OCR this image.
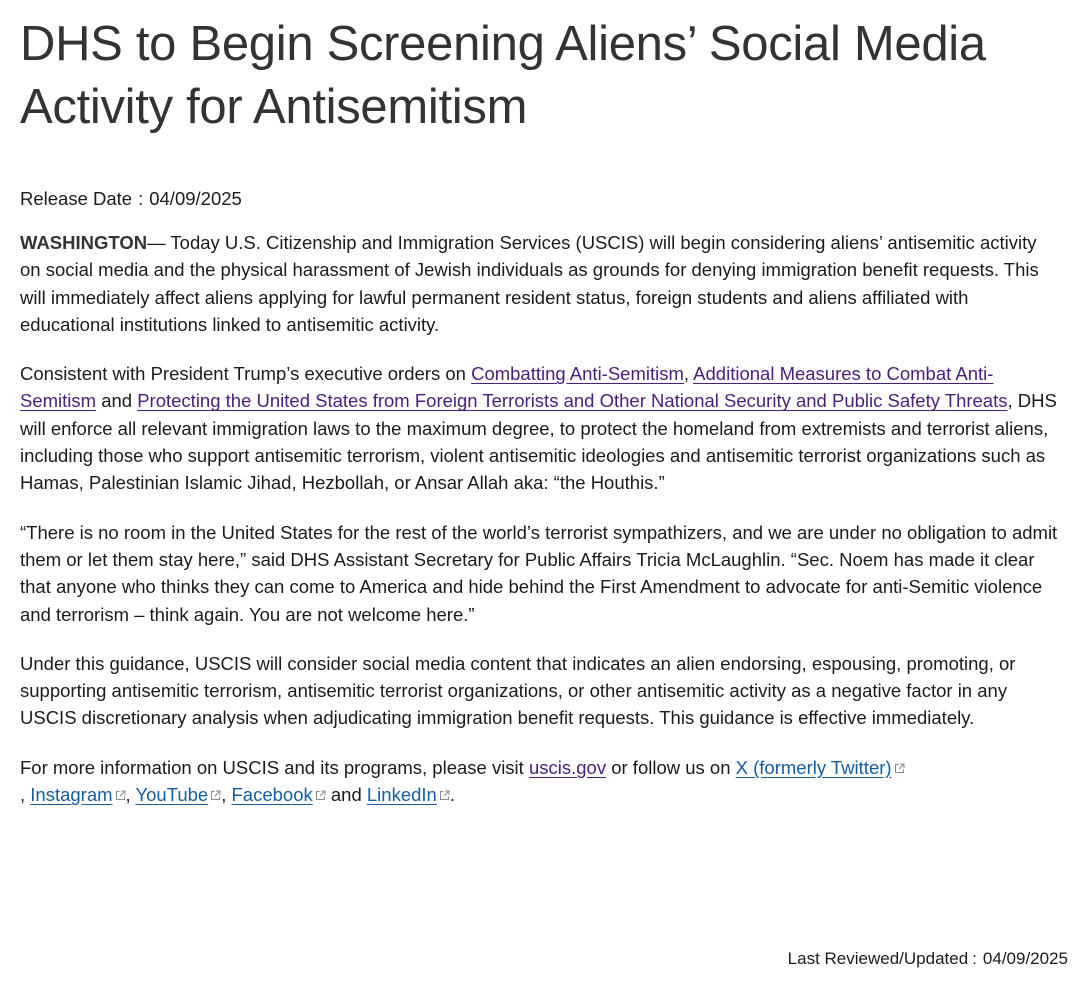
DHS to Begin Screening Aliens’ Social Media Activity for Antisemitism
Release Date : 04/09/2025

WASHINGTON— Today U.S. Citizenship and Immigration Services (USCIS) will begin considering aliens’ antisemitic activity on social media and the physical harassment of Jewish individuals as grounds for denying immigration benefit requests. This will immediately affect aliens applying for lawful permanent resident status, foreign students and aliens affiliated with educational institutions linked to antisemitic activity.

Consistent with President Trump’s executive orders on Combatting Anti-Semitism, Additional Measures to Combat Anti-Semitism and Protecting the United States from Foreign Terrorists and Other National Security and Public Safety Threats, DHS will enforce all relevant immigration laws to the maximum degree, to protect the homeland from extremists and terrorist aliens, including those who support antisemitic terrorism, violent antisemitic ideologies and antisemitic terrorist organizations such as Hamas, Palestinian Islamic Jihad, Hezbollah, or Ansar Allah aka: “the Houthis.”

“There is no room in the United States for the rest of the world’s terrorist sympathizers, and we are under no obligation to admit them or let them stay here,” said DHS Assistant Secretary for Public Affairs Tricia McLaughlin. “Sec. Noem has made it clear that anyone who thinks they can come to America and hide behind the First Amendment to advocate for anti-Semitic violence and terrorism – think again. You are not welcome here.”

Under this guidance, USCIS will consider social media content that indicates an alien endorsing, espousing, promoting, or supporting antisemitic terrorism, antisemitic terrorist organizations, or other antisemitic activity as a negative factor in any USCIS discretionary analysis when adjudicating immigration benefit requests. This guidance is effective immediately.

For more information on USCIS and its programs, please visit uscis.gov or follow us on X (formerly Twitter)

, Instagram , YouTube , Facebook
and LinkedIn .

Last Reviewed/Updated : 04/09/2025
